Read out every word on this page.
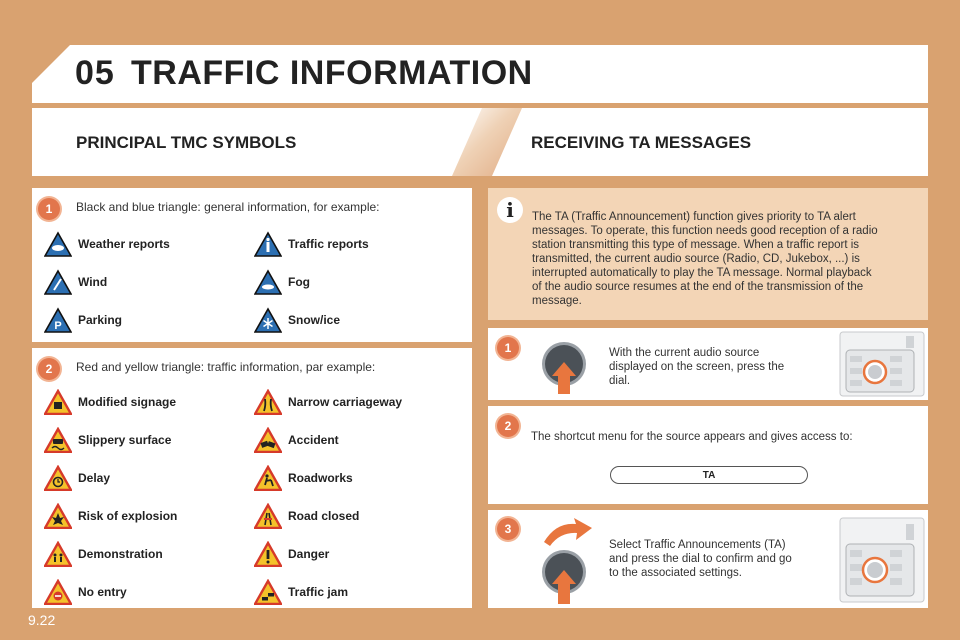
05 TRAFFIC INFORMATION
PRINCIPAL TMC SYMBOLS	RECEIVING TA MESSAGES
1	Black and blue triangle: general information, for example:
Weather reports	Traffic reports
Wind	Fog
P Parking	Snow/ice
2	Red and yellow triangle: traffic information, par example:
Modified signage	Narrow carriageway
Slippery surface	Accident
Delay	Roadworks
Risk of explosion	Road closed
Demonstration	Danger
No entry	Traffic jam
i	The TA (Traffic Announcement) function gives priority to TA alert
messages. To operate, this function needs good reception of a radio
station transmitting this type of message. When a traffic report is
transmitted, the current audio source (Radio, CD, Jukebox, ...) is
interrupted automatically to play the TA message. Normal playback
of the audio source resumes at the end of the transmission of the
message.
1	With the current audio source
displayed on the screen, press the
dial.
2
The shortcut menu for the source appears and gives access to:
TA
3
Select Traffic Announcements (TA)
and press the dial to confirm and go
to the associated settings.
9.22
